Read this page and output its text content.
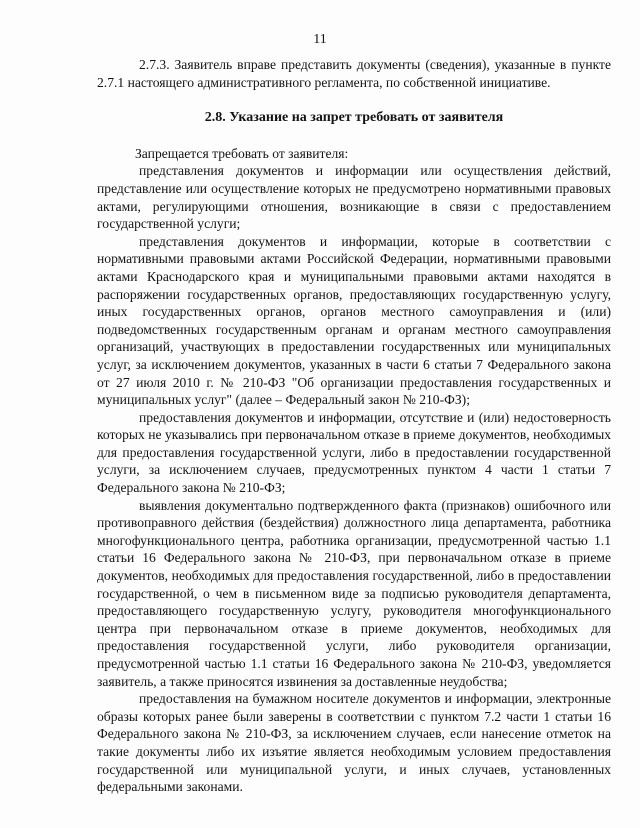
11

2.7.3. Заявитель вправе представить документы (сведения), указанные в пункте 2.7.1 настоящего административного регламента, по собственной инициативе.

2.8. Указание на запрет требовать от заявителя

Запрещается требовать от заявителя:

представления документов и информации или осуществления действий, представление или осуществление которых не предусмотрено нормативными правовых актами, регулирующими отношения, возникающие в связи с предоставлением государственной услуги;

представления документов и информации, которые в соответствии с нормативными правовыми актами Российской Федерации, нормативными правовыми актами Краснодарского края и муниципальными правовыми актами находятся в распоряжении государственных органов, предоставляющих государственную услугу, иных государственных органов, органов местного самоуправления и (или) подведомственных государственным органам и органам местного самоуправления организаций, участвующих в предоставлении государственных или муниципальных услуг, за исключением документов, указанных в части 6 статьи 7 Федерального закона от 27 июля 2010 г. № 210-ФЗ "Об организации предоставления государственных и муниципальных услуг" (далее – Федеральный закон № 210-ФЗ);

предоставления документов и информации, отсутствие и (или) недостоверность которых не указывались при первоначальном отказе в приеме документов, необходимых для предоставления государственной услуги, либо в предоставлении государственной услуги, за исключением случаев, предусмотренных пунктом 4 части 1 статьи 7 Федерального закона № 210-ФЗ;

выявления документально подтвержденного факта (признаков) ошибочного или противоправного действия (бездействия) должностного лица департамента, работника многофункционального центра, работника организации, предусмотренной частью 1.1 статьи 16 Федерального закона № 210-ФЗ, при первоначальном отказе в приеме документов, необходимых для предоставления государственной, либо в предоставлении государственной, о чем в письменном виде за подписью руководителя департамента, предоставляющего государственную услугу, руководителя многофункционального центра при первоначальном отказе в приеме документов, необходимых для предоставления государственной услуги, либо руководителя организации, предусмотренной частью 1.1 статьи 16 Федерального закона № 210-ФЗ, уведомляется заявитель, а также приносятся извинения за доставленные неудобства;

предоставления на бумажном носителе документов и информации, электронные образы которых ранее были заверены в соответствии с пунктом 7.2 части 1 статьи 16 Федерального закона № 210-ФЗ, за исключением случаев, если нанесение отметок на такие документы либо их изъятие является необходимым условием предоставления государственной или муниципальной услуги, и иных случаев, установленных федеральными законами.
